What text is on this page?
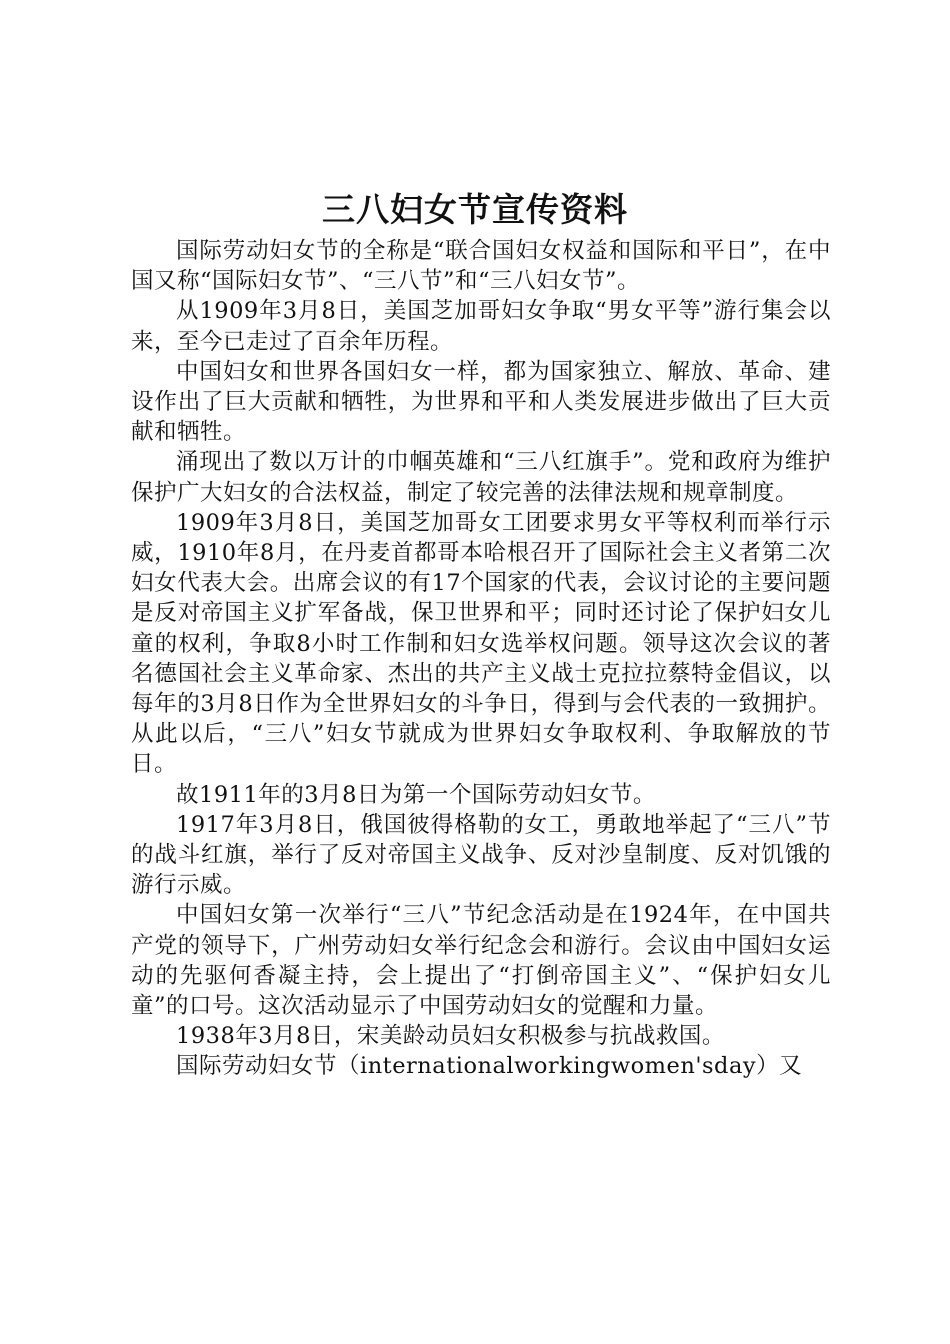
三八妇女节宣传资料

国际劳动妇女节的全称是“联合国妇女权益和国际和平日”，在中国又称“国际妇女节”、“三八节”和“三八妇女节”。

从1909年3月8日，美国芝加哥妇女争取“男女平等”游行集会以来，至今已走过了百余年历程。

中国妇女和世界各国妇女一样，都为国家独立、解放、革命、建设作出了巨大贡献和牺牲，为世界和平和人类发展进步做出了巨大贡献和牺牲。

涌现出了数以万计的巾帼英雄和“三八红旗手”。党和政府为维护保护广大妇女的合法权益，制定了较完善的法律法规和规章制度。

1909年3月8日，美国芝加哥女工团要求男女平等权利而举行示威，1910年8月，在丹麦首都哥本哈根召开了国际社会主义者第二次妇女代表大会。出席会议的有17个国家的代表，会议讨论的主要问题是反对帝国主义扩军备战，保卫世界和平；同时还讨论了保护妇女儿童的权利，争取8小时工作制和妇女选举权问题。领导这次会议的著名德国社会主义革命家、杰出的共产主义战士克拉拉蔡特金倡议，以每年的3月8日作为全世界妇女的斗争日，得到与会代表的一致拥护。从此以后，“三八”妇女节就成为世界妇女争取权利、争取解放的节日。

故1911年的3月8日为第一个国际劳动妇女节。

1917年3月8日，俄国彼得格勒的女工，勇敢地举起了“三八”节的战斗红旗，举行了反对帝国主义战争、反对沙皇制度、反对饥饿的游行示威。

中国妇女第一次举行“三八”节纪念活动是在1924年，在中国共产党的领导下，广州劳动妇女举行纪念会和游行。会议由中国妇女运动的先驱何香凝主持，会上提出了“打倒帝国主义”、“保护妇女儿童”的口号。这次活动显示了中国劳动妇女的觉醒和力量。

1938年3月8日，宋美龄动员妇女积极参与抗战救国。

国际劳动妇女节（internationalworkingwomen'sday）又
